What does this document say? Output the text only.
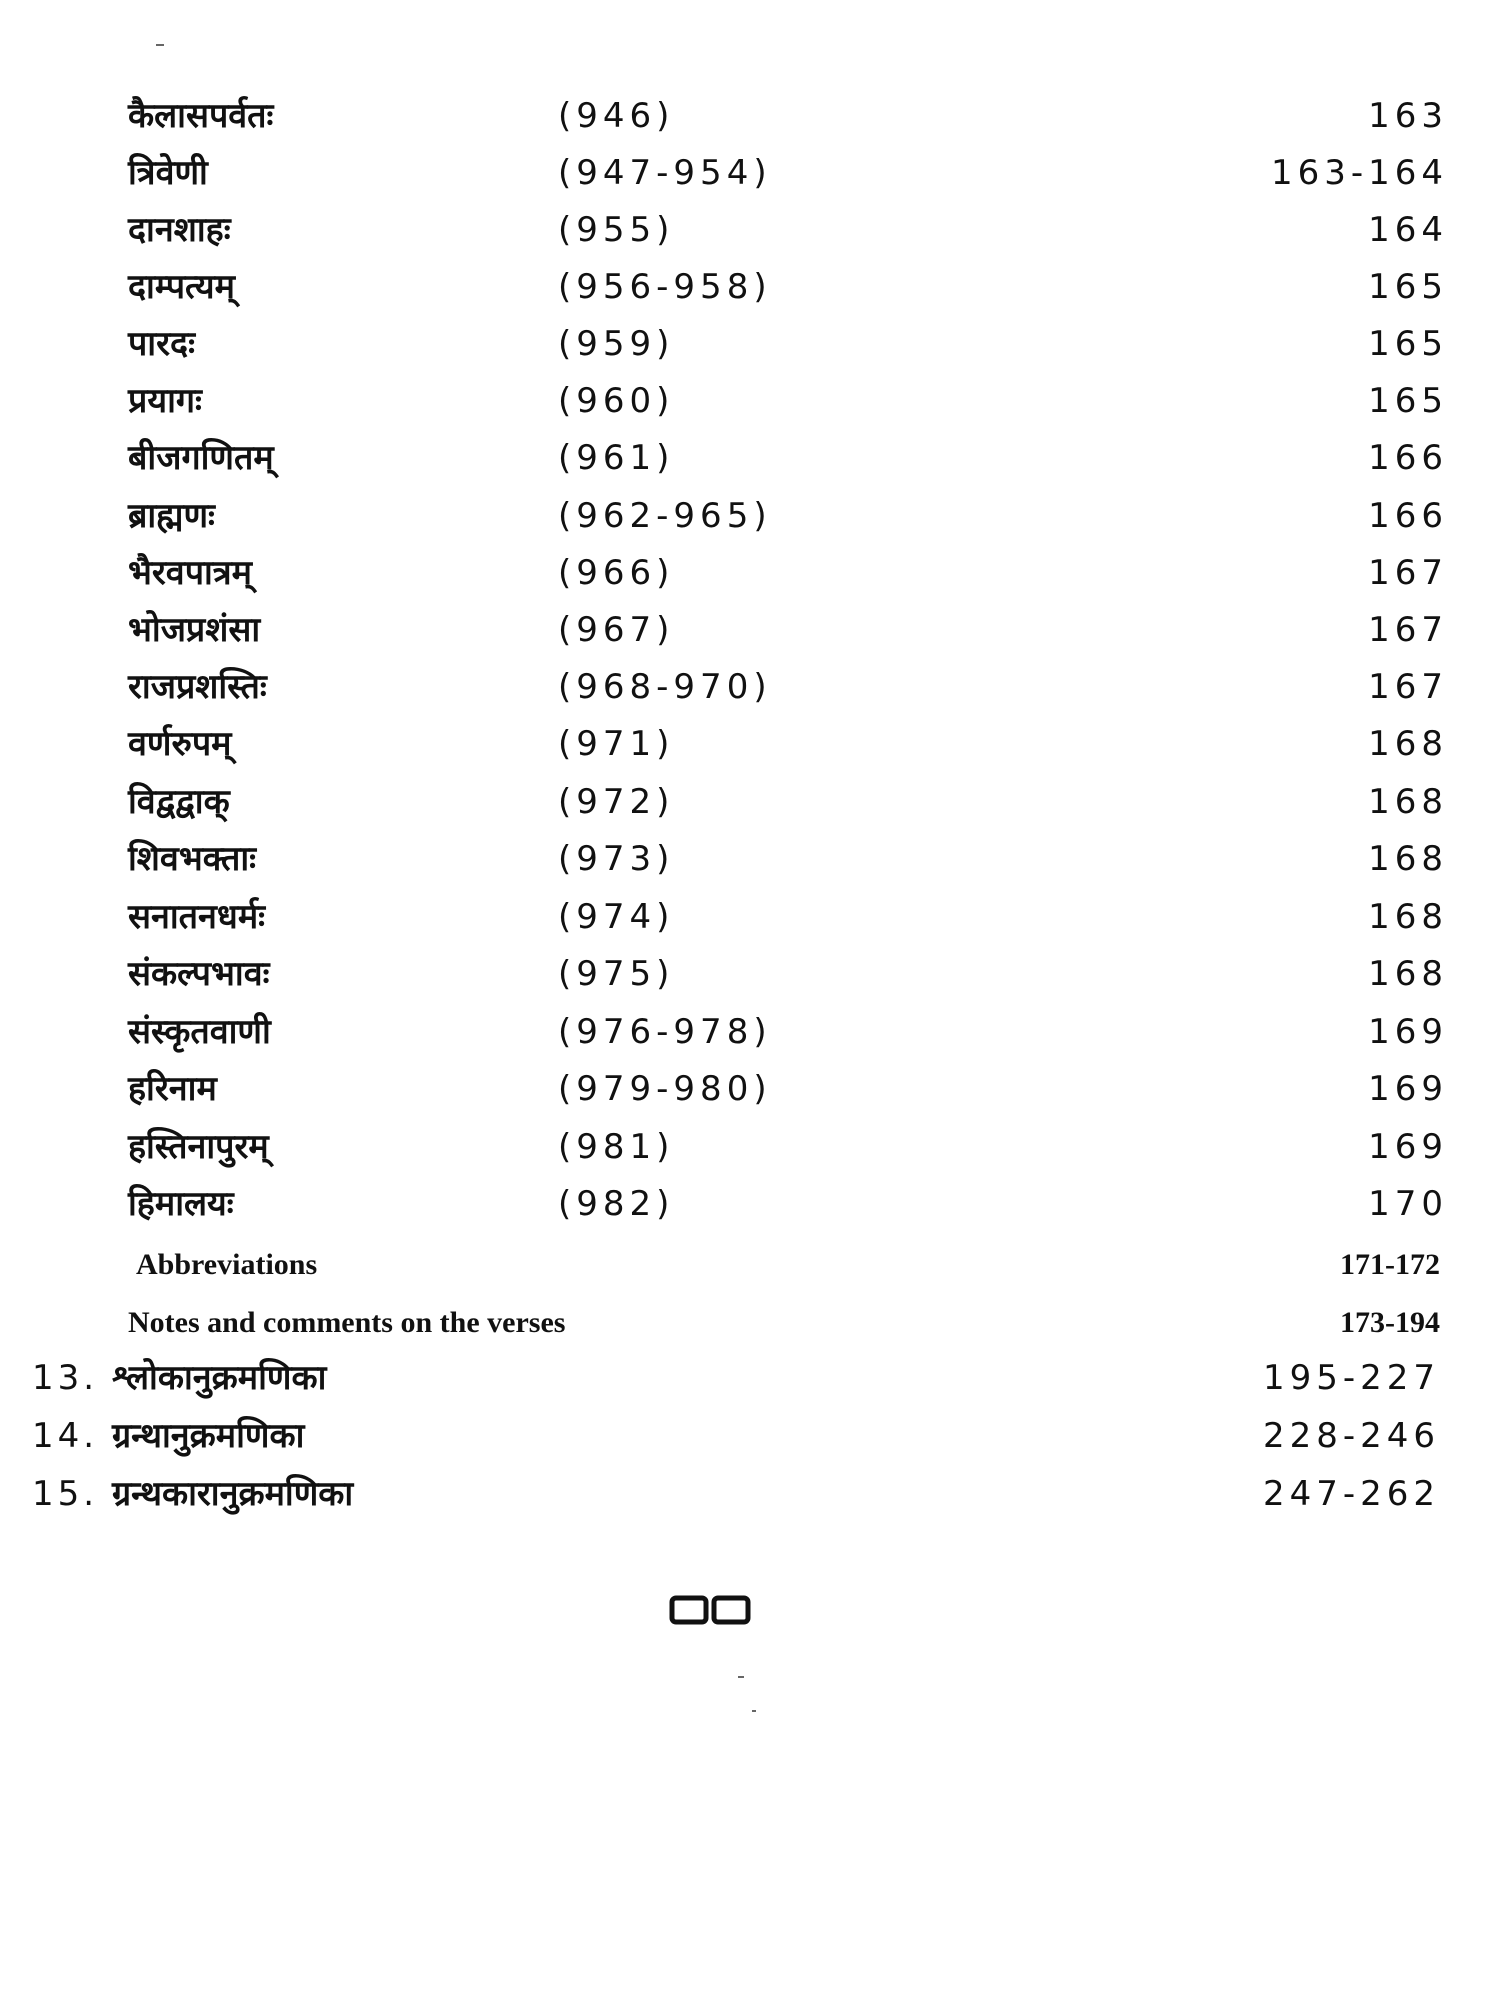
कैलासपर्वतः	(946)	163
त्रिवेणी	(947-954)	163-164
दानशाहः	(955)	164
दाम्पत्यम्	(956-958)	165
पारदः	(959)	165
प्रयागः	(960)	165
बीजगणितम्	(961)	166
ब्राह्मणः	(962-965)	166
भैरवपात्रम्	(966)	167
भोजप्रशंसा	(967)	167
राजप्रशस्तिः	(968-970)	167
वर्णरुपम्	(971)	168
विद्वद्वाक्	(972)	168
शिवभक्ताः	(973)	168
सनातनधर्मः	(974)	168
संकल्पभावः	(975)	168
संस्कृतवाणी	(976-978)	169
हरिनाम	(979-980)	169
हस्तिनापुरम्	(981)	169
हिमालयः	(982)	170
Abbreviations	171-172
Notes and comments on the verses	173-194
13. श्लोकानुक्रमणिका	195-227
14. ग्रन्थानुक्रमणिका	228-246
15. ग्रन्थकारानुक्रमणिका	247-262
